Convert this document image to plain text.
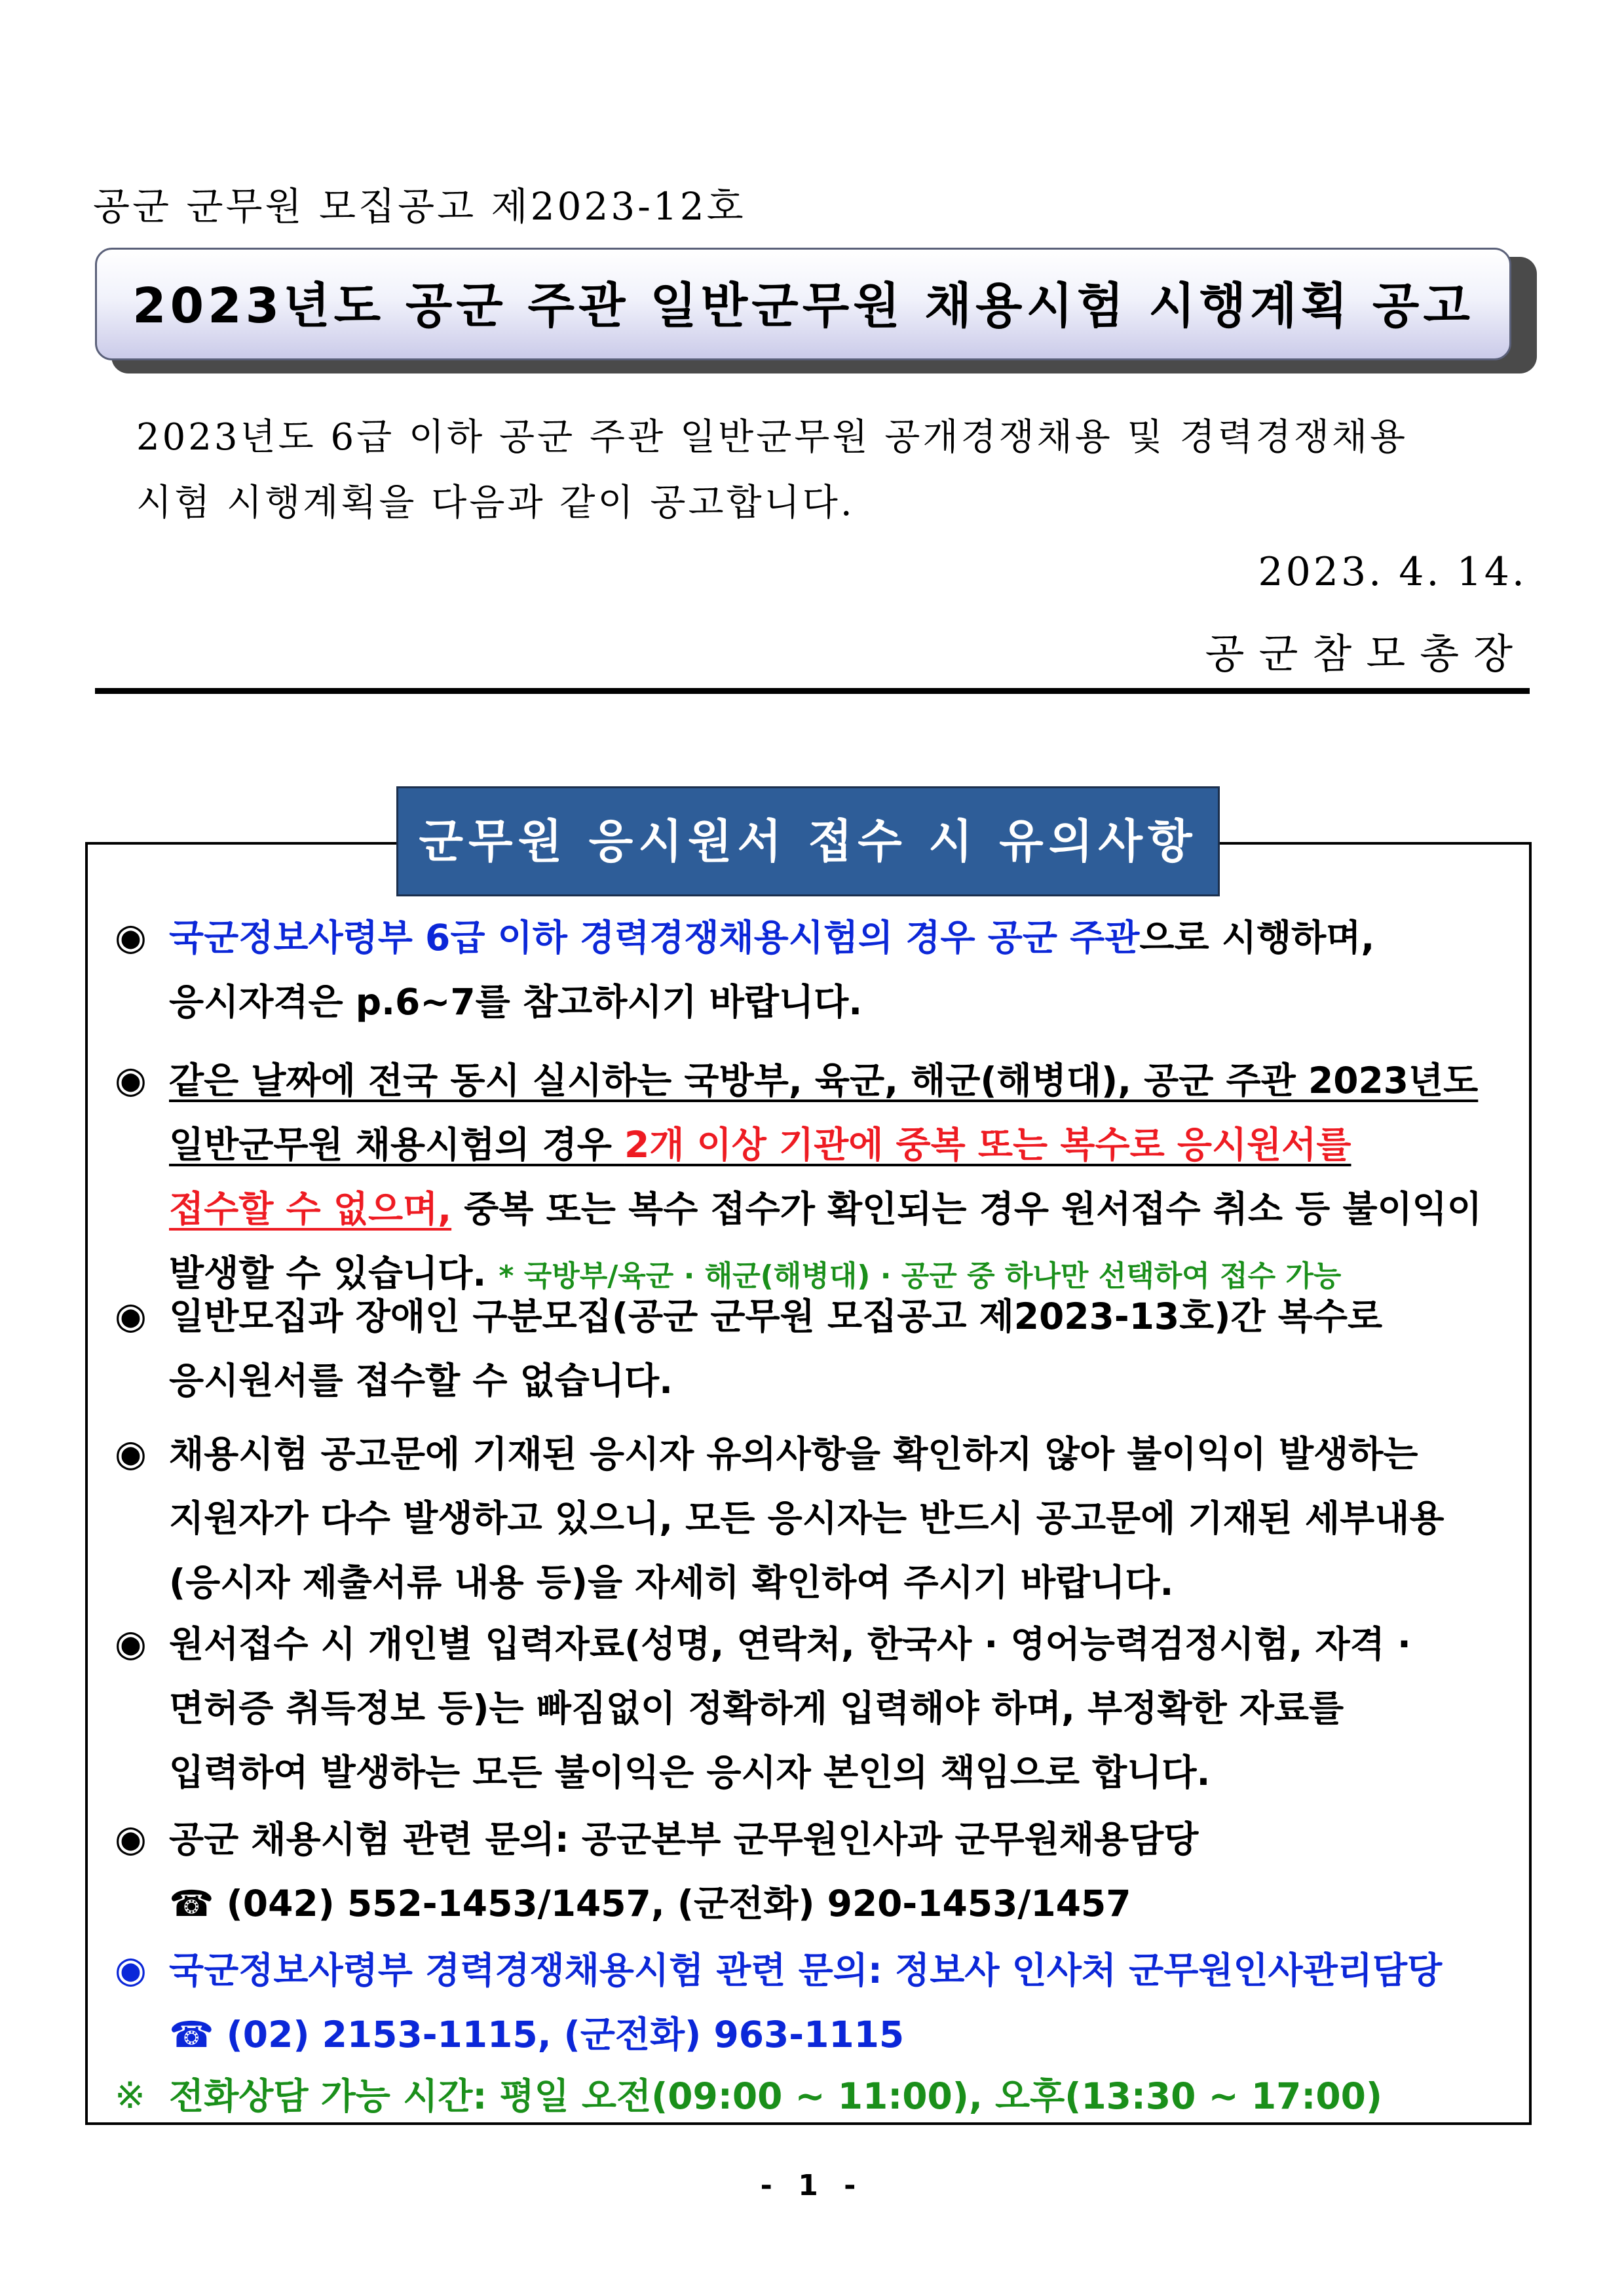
공군 군무원 모집공고 제2023-12호
2023년도 공군 주관 일반군무원 채용시험 시행계획 공고
2023년도 6급 이하 공군 주관 일반군무원 공개경쟁채용 및 경력경쟁채용
시험 시행계획을 다음과 같이 공고합니다.
2023. 4. 14.
공군참모총장
군무원 응시원서 접수 시 유의사항
◉ 국군정보사령부 6급 이하 경력경쟁채용시험의 경우 공군 주관으로 시행하며,
응시자격은 p.6~7를 참고하시기 바랍니다.
◉ 같은 날짜에 전국 동시 실시하는 국방부, 육군, 해군(해병대), 공군 주관 2023년도
일반군무원 채용시험의 경우 2개 이상 기관에 중복 또는 복수로 응시원서를
접수할 수 없으며, 중복 또는 복수 접수가 확인되는 경우 원서접수 취소 등 불이익이
발생할 수 있습니다. * 국방부/육군 · 해군(해병대) · 공군 중 하나만 선택하여 접수 가능
◉ 일반모집과 장애인 구분모집(공군 군무원 모집공고 제2023-13호)간 복수로
응시원서를 접수할 수 없습니다.
◉ 채용시험 공고문에 기재된 응시자 유의사항을 확인하지 않아 불이익이 발생하는
지원자가 다수 발생하고 있으니, 모든 응시자는 반드시 공고문에 기재된 세부내용
(응시자 제출서류 내용 등)을 자세히 확인하여 주시기 바랍니다.
◉ 원서접수 시 개인별 입력자료(성명, 연락처, 한국사 · 영어능력검정시험, 자격 ·
면허증 취득정보 등)는 빠짐없이 정확하게 입력해야 하며, 부정확한 자료를
입력하여 발생하는 모든 불이익은 응시자 본인의 책임으로 합니다.
◉ 공군 채용시험 관련 문의: 공군본부 군무원인사과 군무원채용담당
☎ (042) 552-1453/1457, (군전화) 920-1453/1457
◉ 국군정보사령부 경력경쟁채용시험 관련 문의: 정보사 인사처 군무원인사관리담당
☎ (02) 2153-1115, (군전화) 963-1115
※ 전화상담 가능 시간: 평일 오전(09:00 ~ 11:00), 오후(13:30 ~ 17:00)
- 1 -
